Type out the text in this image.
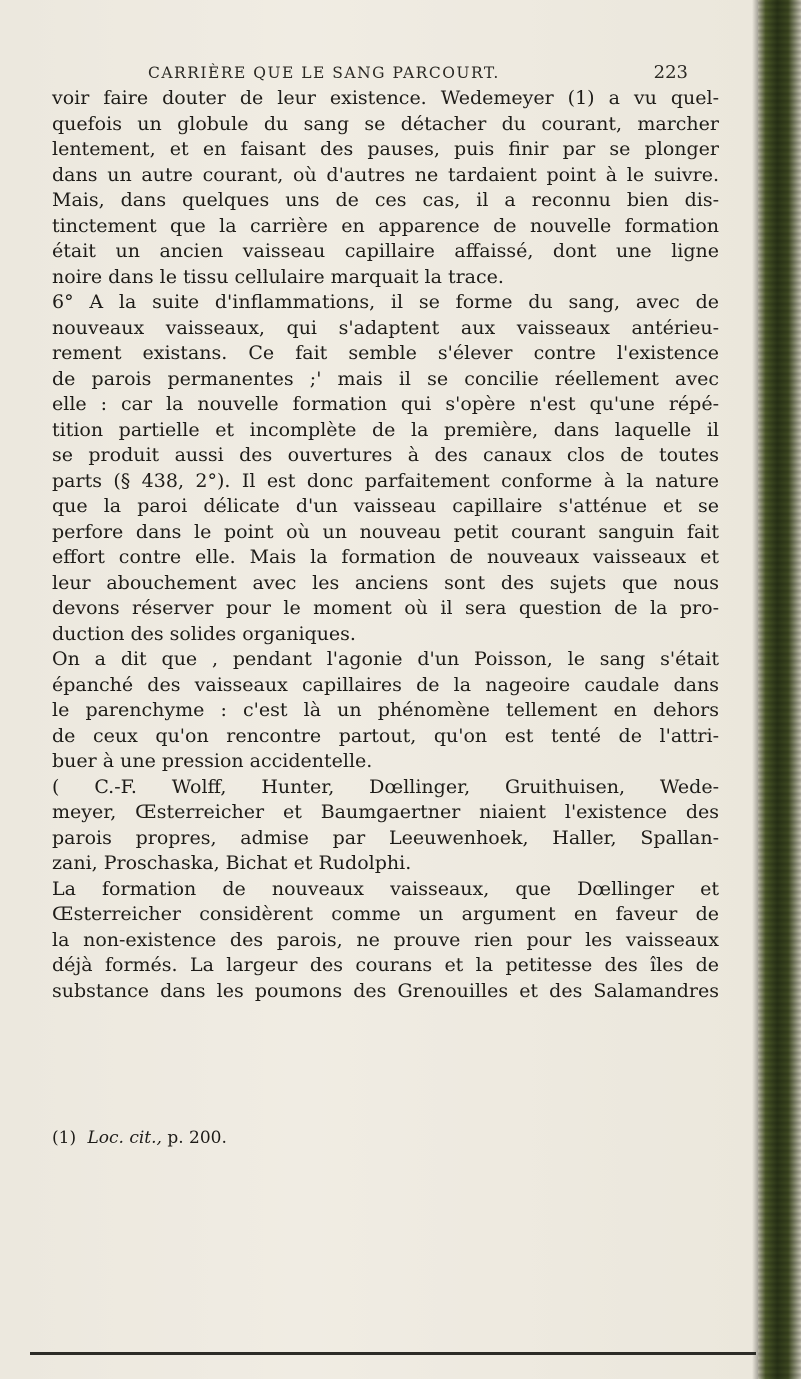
CARRIÈRE QUE LE SANG PARCOURT.	223
voir faire douter de leur existence. Wedemeyer (1) a vu quel-
quefois un globule du sang se détacher du courant, marcher
lentement, et en faisant des pauses, puis finir par se plonger
dans un autre courant, où d'autres ne tardaient point à le suivre.
Mais, dans quelques uns de ces cas, il a reconnu bien dis-
tinctement que la carrière en apparence de nouvelle formation
était un ancien vaisseau capillaire affaissé, dont une ligne
noire dans le tissu cellulaire marquait la trace.
6° A la suite d'inflammations, il se forme du sang, avec de
nouveaux vaisseaux, qui s'adaptent aux vaisseaux antérieu-
rement existans. Ce fait semble s'élever contre l'existence
de parois permanentes ;' mais il se concilie réellement avec
elle : car la nouvelle formation qui s'opère n'est qu'une répé-
tition partielle et incomplète de la première, dans laquelle il
se produit aussi des ouvertures à des canaux clos de toutes
parts (§ 438, 2°). Il est donc parfaitement conforme à la nature
que la paroi délicate d'un vaisseau capillaire s'atténue et se
perfore dans le point où un nouveau petit courant sanguin fait
effort contre elle. Mais la formation de nouveaux vaisseaux et
leur abouchement avec les anciens sont des sujets que nous
devons réserver pour le moment où il sera question de la pro-
duction des solides organiques.
On a dit que , pendant l'agonie d'un Poisson, le sang s'était
épanché des vaisseaux capillaires de la nageoire caudale dans
le parenchyme : c'est là un phénomène tellement en dehors
de ceux qu'on rencontre partout, qu'on est tenté de l'attri-
buer à une pression accidentelle.
( C.-F. Wolff, Hunter, Dœllinger, Gruithuisen, Wede-
meyer, Œsterreicher et Baumgaertner niaient l'existence des
parois propres, admise par Leeuwenhoek, Haller, Spallan-
zani, Proschaska, Bichat et Rudolphi.
La formation de nouveaux vaisseaux, que Dœllinger et
Œsterreicher considèrent comme un argument en faveur de
la non-existence des parois, ne prouve rien pour les vaisseaux
déjà formés. La largeur des courans et la petitesse des îles de
substance dans les poumons des Grenouilles et des Salamandres
(1) Loc. cit., p. 200.
